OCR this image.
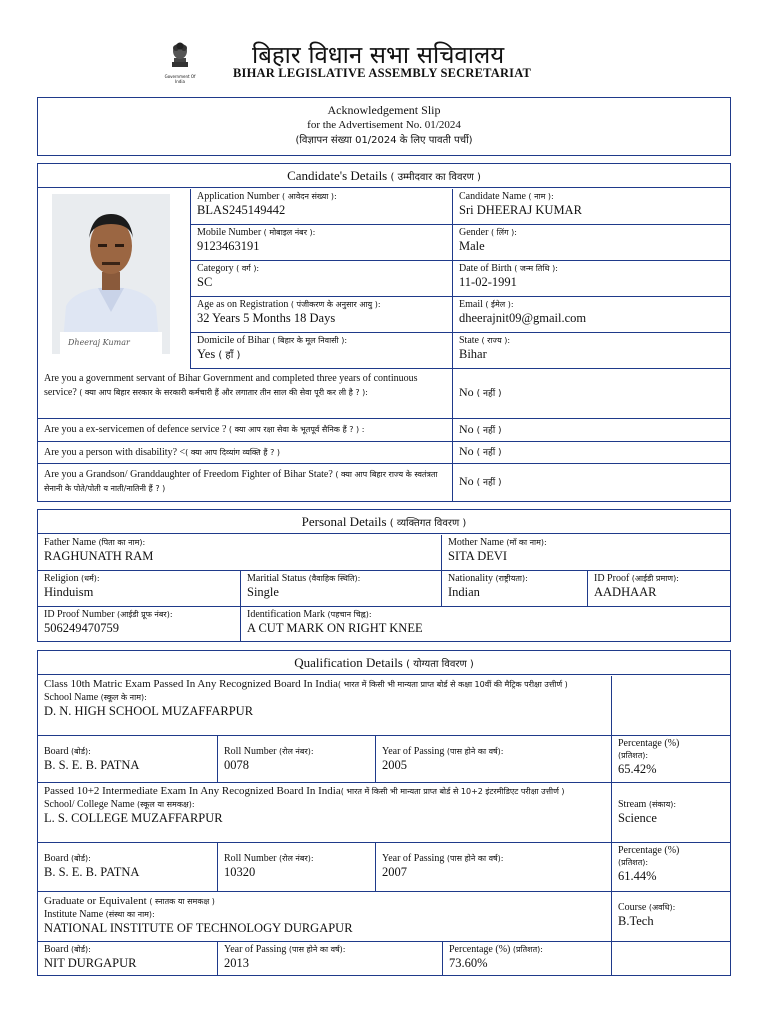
Government Of India
बिहार विधान सभा सचिवालय
BIHAR LEGISLATIVE ASSEMBLY SECRETARIAT
Acknowledgement Slip
for the Advertisement No. 01/2024
(विज्ञापन संख्या 01/2024 के लिए पावती पर्ची)
Candidate's Details ( उम्मीदवार का विवरण )
Dheeraj Kumar
Application Number ( आवेदन संख्या ):
BLAS245149442
Candidate Name ( नाम ):
Sri DHEERAJ KUMAR
Mobile Number ( मोबाइल नंबर ):
9123463191
Gender ( लिंग ):
Male
Category ( वर्ग ):
SC
Date of Birth ( जन्म तिथि ):
11-02-1991
Age as on Registration ( पंजीकरण के अनुसार आयु ):
32 Years 5 Months 18 Days
Email ( ईमेल ):
dheerajnit09@gmail.com
Domicile of Bihar ( बिहार के मूल निवासी ):
Yes ( हाँ )
State ( राज्य ):
Bihar
Are you a government servant of Bihar Government and completed three years of continuous service? ( क्या आप बिहार सरकार के सरकारी कर्मचारी हैं और लगातार तीन साल की सेवा पूरी कर ली है ? ):	No ( नहीं )
Are you a ex-servicemen of defence service ? ( क्या आप रक्षा सेवा के भूतपूर्व सैनिक हैं ? ) :	No ( नहीं )
Are you a person with disability? <( क्या आप दिव्यांग व्यक्ति हैं ? )	No ( नहीं )
Are you a Grandson/ Granddaughter of Freedom Fighter of Bihar State? ( क्या आप बिहार राज्य के स्वतंत्रता सेनानी के पोते/पोती य नाती/नातिनी हैं ? )
No ( नहीं )
Personal Details ( व्यक्तिगत विवरण )
Father Name (पिता का नाम):
RAGHUNATH RAM
Mother Name (माँ का नाम):
SITA DEVI
Religion (धर्म):
Hinduism
Maritial Status (वैवाहिक स्थिति):
Single
Nationality (राष्ट्रीयता):
Indian
ID Proof (आईडी प्रमाण):
AADHAAR
ID Proof Number (आईडी प्रूफ नंबर):
506249470759
Identification Mark (पहचान चिह्न):
A CUT MARK ON RIGHT KNEE
Qualification Details ( योग्यता विवरण )
Class 10th Matric Exam Passed In Any Recognized Board In India( भारत में किसी भी मान्यता प्राप्त बोर्ड से कक्षा 10वीं की मैट्रिक परीक्षा उत्तीर्ण )
School Name (स्कूल के नाम):
D. N. HIGH SCHOOL MUZAFFARPUR
Board (बोर्ड):
B. S. E. B. PATNA
Roll Number (रोल नंबर):
0078
Year of Passing (पास होने का वर्ष):
2005
Percentage (%)
(प्रतिशत):
65.42%
Passed 10+2 Intermediate Exam In Any Recognized Board In India( भारत में किसी भी मान्यता प्राप्त बोर्ड से 10+2 इंटरमीडिएट परीक्षा उत्तीर्ण )
School/ College Name (स्कूल या समकक्ष):
L. S. COLLEGE MUZAFFARPUR
Stream (संकाय):
Science
Board (बोर्ड):
B. S. E. B. PATNA
Roll Number (रोल नंबर):
10320
Year of Passing (पास होने का वर्ष):
2007
Percentage (%)
(प्रतिशत):
61.44%
Graduate or Equivalent ( स्नातक या समकक्ष )
Institute Name (संस्था का नाम):
NATIONAL INSTITUTE OF TECHNOLOGY DURGAPUR
Course (अवधि):
B.Tech
Board (बोर्ड):
NIT DURGAPUR
Year of Passing (पास होने का वर्ष):
2013
Percentage (%) (प्रतिशत):
73.60%
